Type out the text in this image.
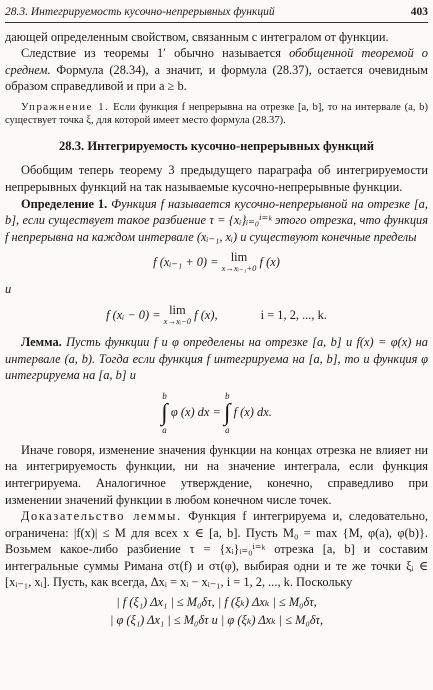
28.3. Интегрируемость кусочно-непрерывных функций	403

дающей определенным свойством, связанным с интегралом от функции.

Следствие из теоремы 1′ обычно называется обобщенной теоремой о среднем. Формула (28.34), а значит, и формула (28.37), остается очевидным образом справедливой и при a ≥ b.

Упражнение 1. Если функция f непрерывна на отрезке [a, b], то на интервале (a, b) существует точка ξ, для которой имеет место формула (28.37).

28.3. Интегрируемость кусочно-непрерывных функций

Обобщим теперь теорему 3 предыдущего параграфа об интегрируемости непрерывных функций на так называемые кусочно-непрерывные функции.

Определение 1. Функция f называется кусочно-непрерывной на отрезке [a, b], если существует такое разбиение τ = {xᵢ}ᵢ₌₀ⁱ⁼ᵏ этого отрезка, что функция f непрерывна на каждом интервале (xᵢ₋₁, xᵢ) и существуют конечные пределы

f (xᵢ₋₁ + 0) = lim
x→xᵢ₋₁+0 f (x)

и

f (xᵢ − 0) = lim
x→xᵢ−0 f (x),	i = 1, 2, ..., k.

Лемма. Пусть функции f и φ определены на отрезке [a, b] и f(x) = φ(x) на интервале (a, b). Тогда если функция f интегрируема на [a, b], то и функция φ интегрируема на [a, b] и

b
∫
a
φ (x) dx =
b
∫
a
f (x) dx.

Иначе говоря, изменение значения функции на концах отрезка не влияет ни на интегрируемость функции, ни на значение интеграла, если функция интегрируема. Аналогичное утверждение, конечно, справедливо при изменении значений функции в любом конечном числе точек.

Доказательство леммы. Функция f интегрируема и, следовательно, ограничена: |f(x)| ≤ M для всех x ∈ [a, b]. Пусть M₀ = max {M, φ(a), φ(b)}. Возьмем какое-либо разбиение τ = {xᵢ}ᵢ₌₀ⁱ⁼ᵏ отрезка [a, b] и составим интегральные суммы Римана στ(f) и στ(φ), выбирая одни и те же точки ξᵢ ∈ [xᵢ₋₁, xᵢ]. Пусть, как всегда, Δxᵢ = xᵢ − xᵢ₋₁, i = 1, 2, ..., k. Поскольку

| f (ξ₁) Δx₁ | ≤ M₀δτ, | f (ξₖ) Δxₖ | ≤ M₀δτ,
| φ (ξ₁) Δx₁ | ≤ M₀δτ и | φ (ξₖ) Δxₖ | ≤ M₀δτ,
